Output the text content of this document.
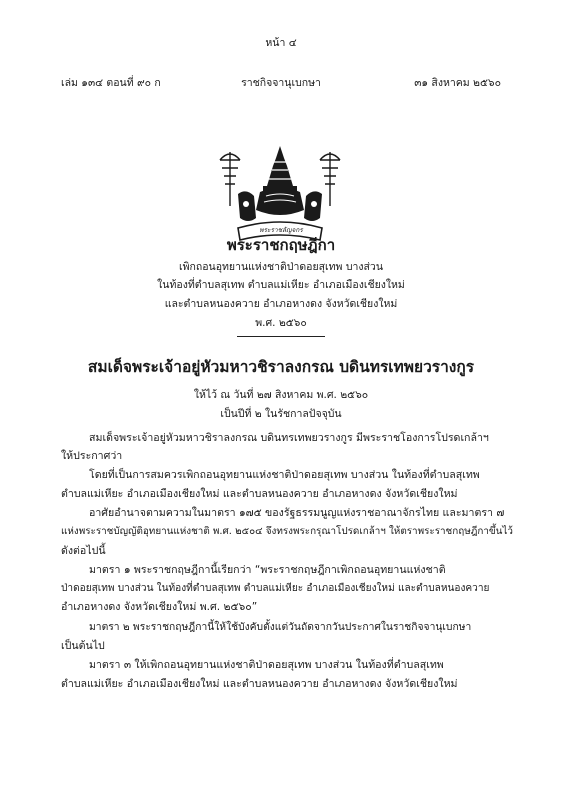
หน้า ๔
เล่ม ๑๓๔ ตอนที่ ๙๐ ก	ราชกิจจานุเบกษา	๓๑ สิงหาคม ๒๕๖๐
พระราชลัญจกร
พระราชกฤษฎีกา
เพิกถอนอุทยานแห่งชาติป่าดอยสุเทพ บางส่วน
ในท้องที่ตำบลสุเทพ ตำบลแม่เหียะ อำเภอเมืองเชียงใหม่
และตำบลหนองควาย อำเภอหางดง จังหวัดเชียงใหม่
พ.ศ. ๒๕๖๐
สมเด็จพระเจ้าอยู่หัวมหาวชิราลงกรณ บดินทรเทพยวรางกูร
ให้ไว้ ณ วันที่ ๒๗ สิงหาคม พ.ศ. ๒๕๖๐
เป็นปีที่ ๒ ในรัชกาลปัจจุบัน
สมเด็จพระเจ้าอยู่หัวมหาวชิราลงกรณ บดินทรเทพยวรางกูร มีพระราชโองการโปรดเกล้าฯ
ให้ประกาศว่า
โดยที่เป็นการสมควรเพิกถอนอุทยานแห่งชาติป่าดอยสุเทพ บางส่วน ในท้องที่ตำบลสุเทพ
ตำบลแม่เหียะ อำเภอเมืองเชียงใหม่ และตำบลหนองควาย อำเภอหางดง จังหวัดเชียงใหม่
อาศัยอำนาจตามความในมาตรา ๑๗๕ ของรัฐธรรมนูญแห่งราชอาณาจักรไทย และมาตรา ๗
แห่งพระราชบัญญัติอุทยานแห่งชาติ พ.ศ. ๒๕๐๔ จึงทรงพระกรุณาโปรดเกล้าฯ ให้ตราพระราชกฤษฎีกาขึ้นไว้
ดังต่อไปนี้
มาตรา ๑ พระราชกฤษฎีกานี้เรียกว่า “พระราชกฤษฎีกาเพิกถอนอุทยานแห่งชาติ
ป่าดอยสุเทพ บางส่วน ในท้องที่ตำบลสุเทพ ตำบลแม่เหียะ อำเภอเมืองเชียงใหม่ และตำบลหนองควาย
อำเภอหางดง จังหวัดเชียงใหม่ พ.ศ. ๒๕๖๐”
มาตรา ๒ พระราชกฤษฎีกานี้ให้ใช้บังคับตั้งแต่วันถัดจากวันประกาศในราชกิจจานุเบกษา
เป็นต้นไป
มาตรา ๓ ให้เพิกถอนอุทยานแห่งชาติป่าดอยสุเทพ บางส่วน ในท้องที่ตำบลสุเทพ
ตำบลแม่เหียะ อำเภอเมืองเชียงใหม่ และตำบลหนองควาย อำเภอหางดง จังหวัดเชียงใหม่
